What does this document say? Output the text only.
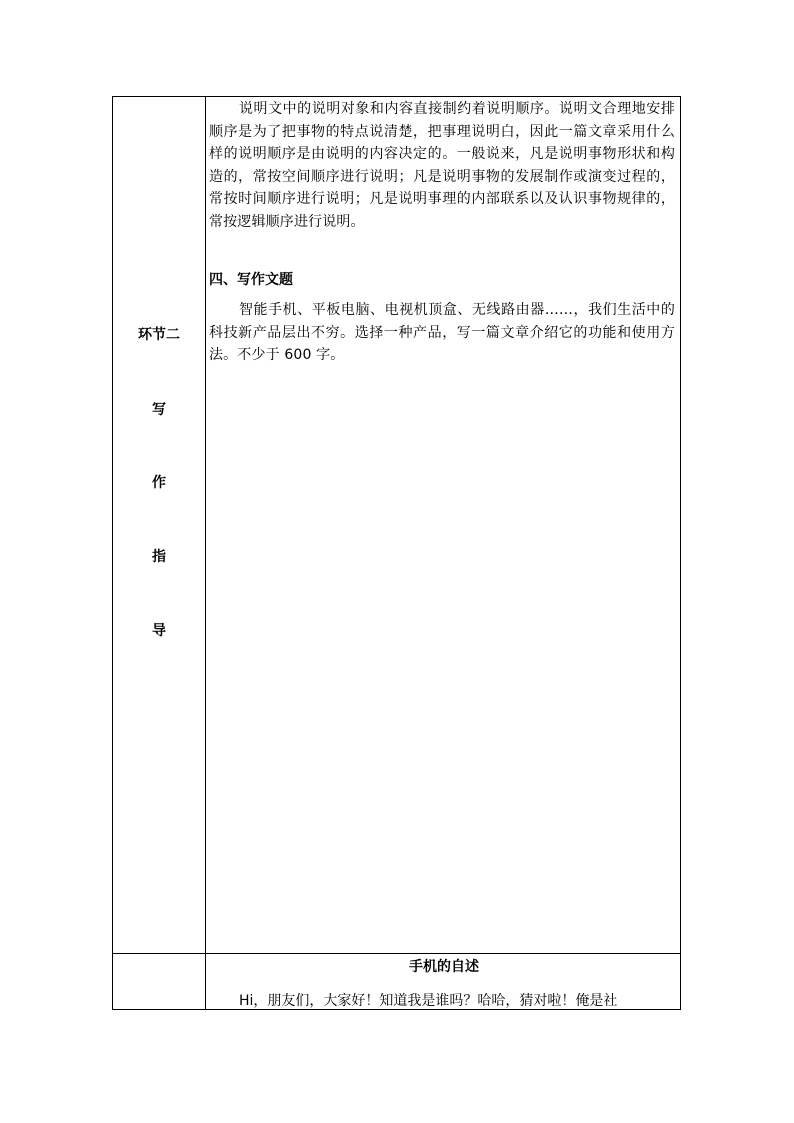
环节二
写
作
指
导

说明文中的说明对象和内容直接制约着说明顺序。说明文合理地安排顺序是为了把事物的特点说清楚，把事理说明白，因此一篇文章采用什么样的说明顺序是由说明的内容决定的。一般说来，凡是说明事物形状和构造的，常按空间顺序进行说明；凡是说明事物的发展制作或演变过程的，常按时间顺序进行说明；凡是说明事理的内部联系以及认识事物规律的，常按逻辑顺序进行说明。

四、写作文题

智能手机、平板电脑、电视机顶盒、无线路由器……，我们生活中的科技新产品层出不穷。选择一种产品，写一篇文章介绍它的功能和使用方法。不少于 600 字。

手机的自述
Hi，朋友们，大家好！知道我是谁吗？哈哈，猜对啦！俺是社
